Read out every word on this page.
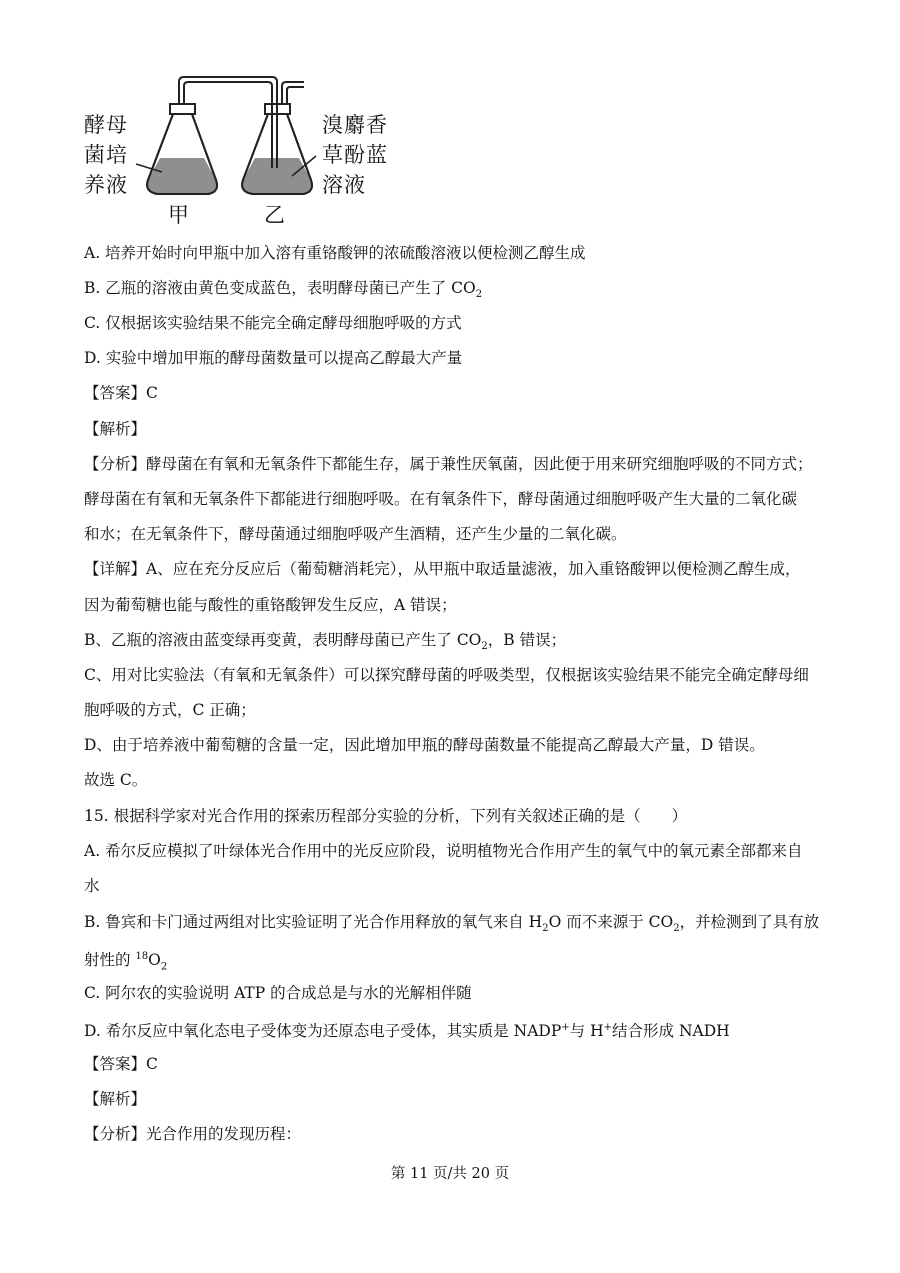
酵母
菌培
养液
溴麝香
草酚蓝
溶液
甲	乙
A. 培养开始时向甲瓶中加入溶有重铬酸钾的浓硫酸溶液以便检测乙醇生成
B. 乙瓶的溶液由黄色变成蓝色，表明酵母菌已产生了 $CO_2$
C. 仅根据该实验结果不能完全确定酵母细胞呼吸的方式
D. 实验中增加甲瓶的酵母菌数量可以提高乙醇最大产量
【答案】C
【解析】
【分析】酵母菌在有氧和无氧条件下都能生存，属于兼性厌氧菌，因此便于用来研究细胞呼吸的不同方式；
酵母菌在有氧和无氧条件下都能进行细胞呼吸。在有氧条件下，酵母菌通过细胞呼吸产生大量的二氧化碳
和水；在无氧条件下，酵母菌通过细胞呼吸产生酒精，还产生少量的二氧化碳。
【详解】A、应在充分反应后（葡萄糖消耗完），从甲瓶中取适量滤液，加入重铬酸钾以便检测乙醇生成，
因为葡萄糖也能与酸性的重铬酸钾发生反应，A 错误；
B、乙瓶的溶液由蓝变绿再变黄，表明酵母菌已产生了 $CO_2$，B 错误；
C、用对比实验法（有氧和无氧条件）可以探究酵母菌的呼吸类型，仅根据该实验结果不能完全确定酵母细
胞呼吸的方式，C 正确；
D、由于培养液中葡萄糖的含量一定，因此增加甲瓶的酵母菌数量不能提高乙醇最大产量，D 错误。
故选 C。
15. 根据科学家对光合作用的探索历程部分实验的分析，下列有关叙述正确的是（　　）
A. 希尔反应模拟了叶绿体光合作用中的光反应阶段，说明植物光合作用产生的氧气中的氧元素全部都来自
水
B. 鲁宾和卡门通过两组对比实验证明了光合作用释放的氧气来自 $H_2O$ 而不来源于 $CO_2$，并检测到了具有放
射性的 $^{18}O_2$
C. 阿尔农的实验说明 ATP 的合成总是与水的光解相伴随
D. 希尔反应中氧化态电子受体变为还原态电子受体，其实质是 NADP+与 H+结合形成 NADH
【答案】C
【解析】
【分析】光合作用的发现历程：
第 11 页/共 20 页
